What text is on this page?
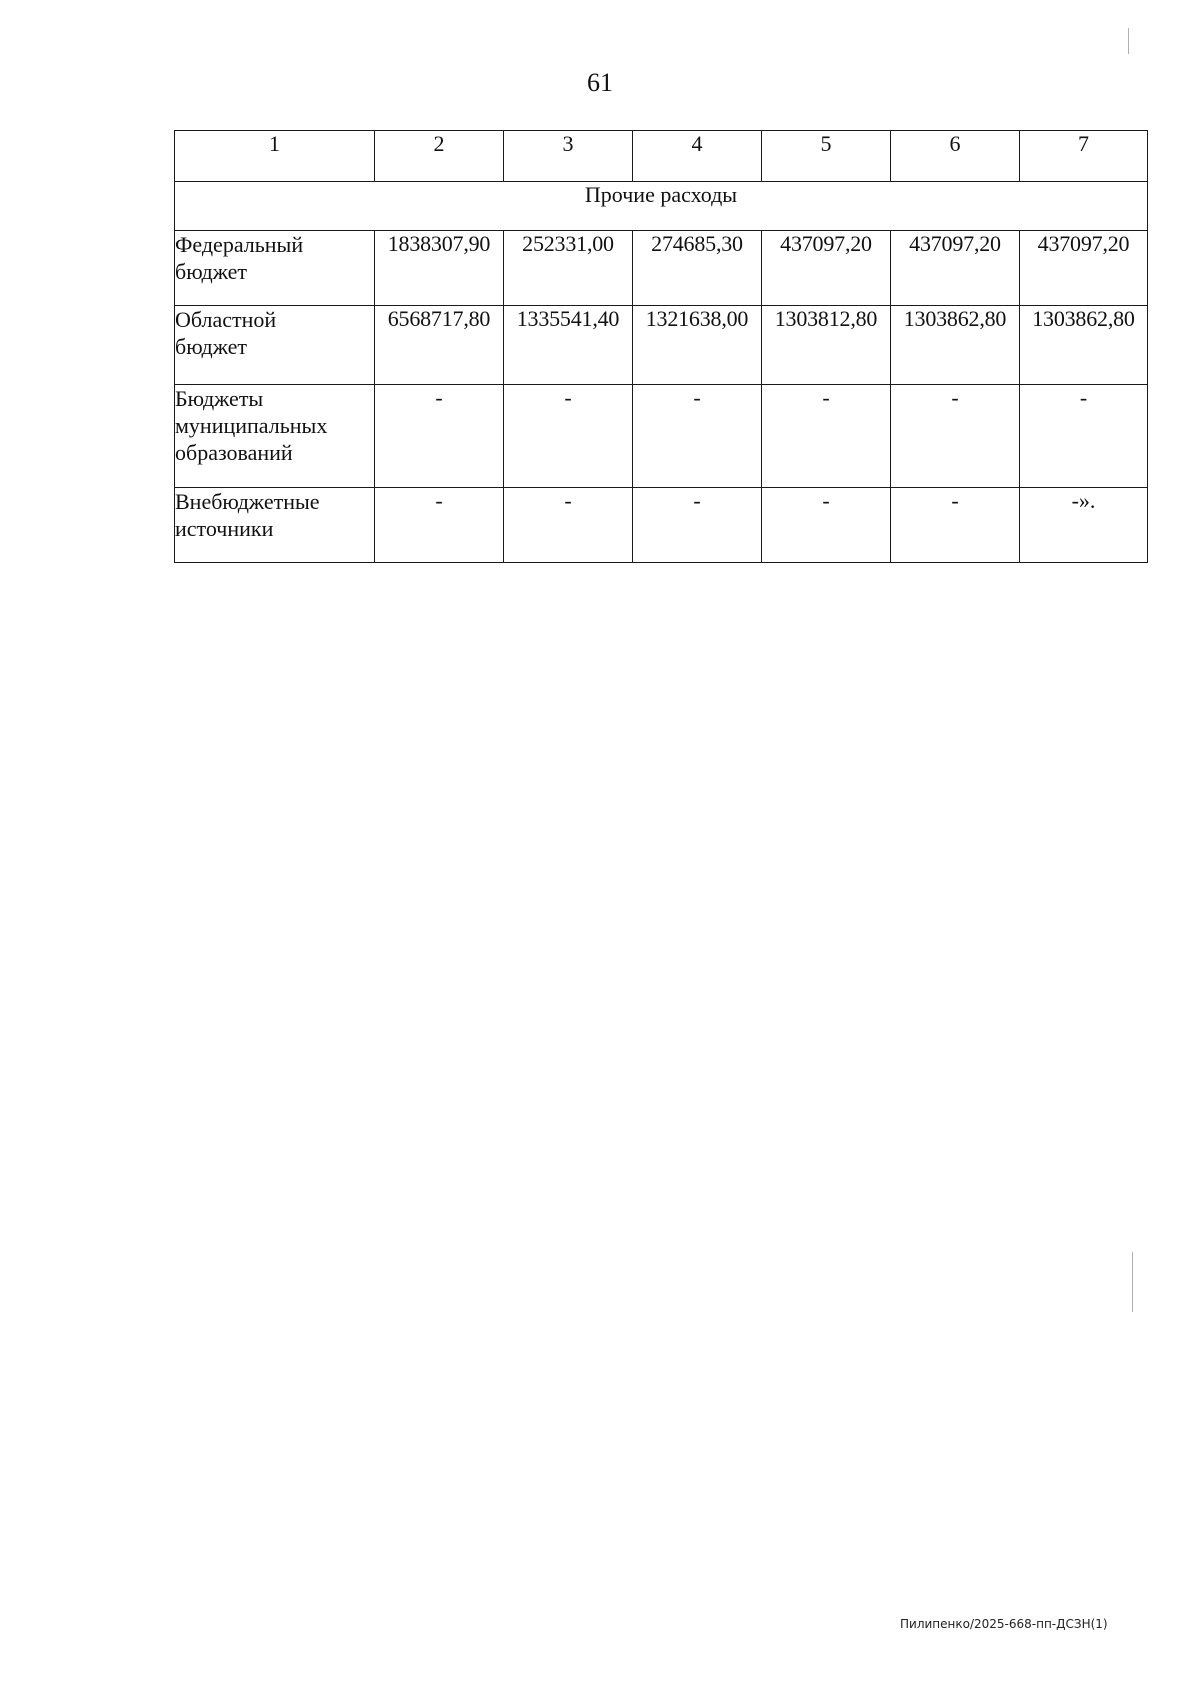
61
1	2	3	4	5	6	7
Прочие расходы						

Федеральный
бюджет	1838307,90	252331,00	274685,30	437097,20	437097,20	437097,20

Областной
бюджет	6568717,80	1335541,40	1321638,00	1303812,80	1303862,80	1303862,80

Бюджеты
муниципальных
образований	-	-	-	-	-	-

Внебюджетные
источники	-	-	-	-	-	-».
Пилипенко/2025-668-пп-ДСЗН(1)
